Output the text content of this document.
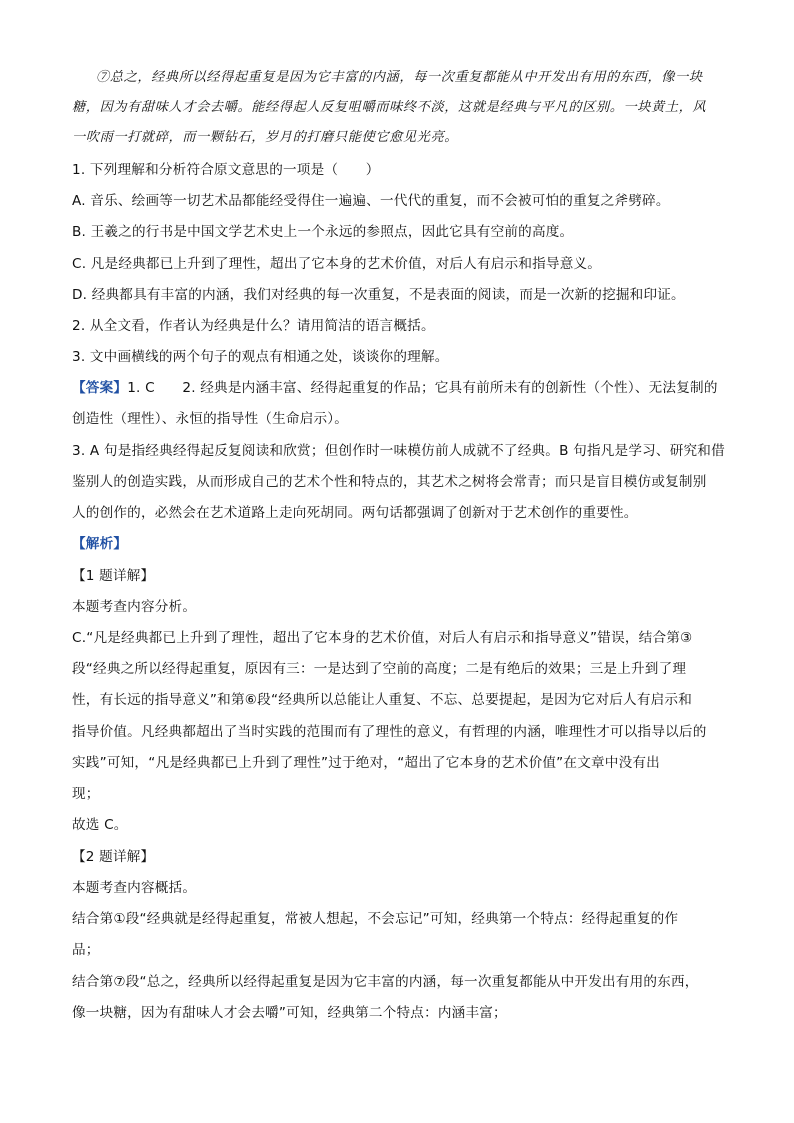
⑦总之，经典所以经得起重复是因为它丰富的内涵，每一次重复都能从中开发出有用的东西，像一块
糖，因为有甜味人才会去嚼。能经得起人反复咀嚼而味终不淡，这就是经典与平凡的区别。一块黄土，风
一吹雨一打就碎，而一颗钻石，岁月的打磨只能使它愈见光亮。
1. 下列理解和分析符合原文意思的一项是（　　）
A. 音乐、绘画等一切艺术品都能经受得住一遍遍、一代代的重复，而不会被可怕的重复之斧劈碎。
B. 王羲之的行书是中国文学艺术史上一个永远的参照点，因此它具有空前的高度。
C. 凡是经典都已上升到了理性，超出了它本身的艺术价值，对后人有启示和指导意义。
D. 经典都具有丰富的内涵，我们对经典的每一次重复，不是表面的阅读，而是一次新的挖掘和印证。
2. 从全文看，作者认为经典是什么？请用简洁的语言概括。
3. 文中画横线的两个句子的观点有相通之处，谈谈你的理解。
【答案】1. C　　2. 经典是内涵丰富、经得起重复的作品；它具有前所未有的创新性（个性）、无法复制的
创造性（理性）、永恒的指导性（生命启示）。
3. A 句是指经典经得起反复阅读和欣赏；但创作时一味模仿前人成就不了经典。B 句指凡是学习、研究和借
鉴别人的创造实践，从而形成自己的艺术个性和特点的，其艺术之树将会常青；而只是盲目模仿或复制别
人的创作的，必然会在艺术道路上走向死胡同。两句话都强调了创新对于艺术创作的重要性。
【解析】
【1 题详解】
本题考查内容分析。
C.“凡是经典都已上升到了理性，超出了它本身的艺术价值，对后人有启示和指导意义”错误，结合第③
段“经典之所以经得起重复，原因有三：一是达到了空前的高度；二是有绝后的效果；三是上升到了理
性，有长远的指导意义”和第⑥段“经典所以总能让人重复、不忘、总要提起，是因为它对后人有启示和
指导价值。凡经典都超出了当时实践的范围而有了理性的意义，有哲理的内涵，唯理性才可以指导以后的
实践”可知，“凡是经典都已上升到了理性”过于绝对，“超出了它本身的艺术价值”在文章中没有出
现；
故选 C。
【2 题详解】
本题考查内容概括。
结合第①段“经典就是经得起重复，常被人想起，不会忘记”可知，经典第一个特点：经得起重复的作
品；
结合第⑦段“总之，经典所以经得起重复是因为它丰富的内涵，每一次重复都能从中开发出有用的东西，
像一块糖，因为有甜味人才会去嚼”可知，经典第二个特点：内涵丰富；
